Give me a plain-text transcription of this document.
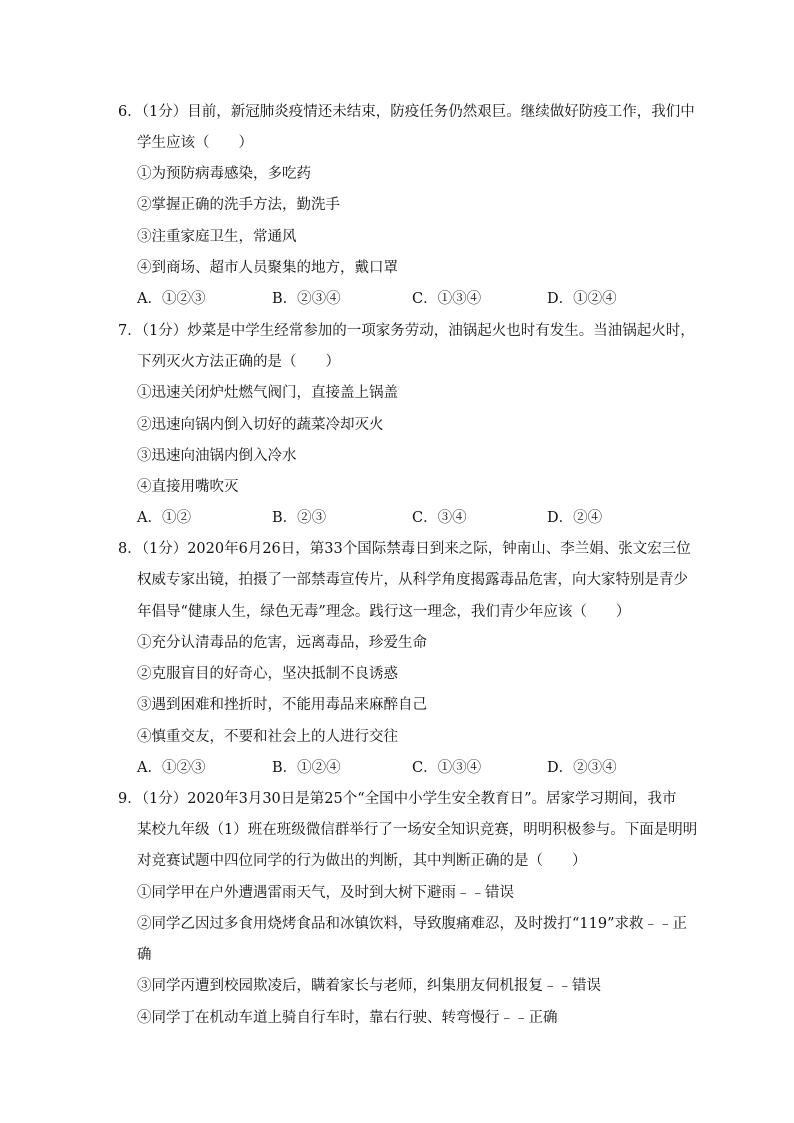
6．（1分）目前，新冠肺炎疫情还未结束，防疫任务仍然艰巨。继续做好防疫工作，我们中
学生应该（　　）
①为预防病毒感染，多吃药
②掌握正确的洗手方法，勤洗手
③注重家庭卫生，常通风
④到商场、超市人员聚集的地方，戴口罩
A．①②③	B．②③④	C．①③④	D．①②④
7．（1分）炒菜是中学生经常参加的一项家务劳动，油锅起火也时有发生。当油锅起火时，
下列灭火方法正确的是（　　）
①迅速关闭炉灶燃气阀门，直接盖上锅盖
②迅速向锅内倒入切好的蔬菜冷却灭火
③迅速向油锅内倒入冷水
④直接用嘴吹灭
A．①②	B．②③	C．③④	D．②④
8．（1分）2020年6月26日，第33个国际禁毒日到来之际，钟南山、李兰娟、张文宏三位
权威专家出镜，拍摄了一部禁毒宣传片，从科学角度揭露毒品危害，向大家特别是青少
年倡导“健康人生，绿色无毒”理念。践行这一理念，我们青少年应该（　　）
①充分认清毒品的危害，远离毒品，珍爱生命
②克服盲目的好奇心，坚决抵制不良诱惑
③遇到困难和挫折时，不能用毒品来麻醉自己
④慎重交友，不要和社会上的人进行交往
A．①②③	B．①②④	C．①③④	D．②③④
9．（1分）2020年3月30日是第25个“全国中小学生安全教育日”。居家学习期间，我市
某校九年级（1）班在班级微信群举行了一场安全知识竞赛，明明积极参与。下面是明明
对竞赛试题中四位同学的行为做出的判断，其中判断正确的是（　　）
①同学甲在户外遭遇雷雨天气，及时到大树下避雨﹣﹣错误
②同学乙因过多食用烧烤食品和冰镇饮料，导致腹痛难忍，及时拨打“119”求救﹣﹣正
确
③同学丙遭到校园欺凌后，瞒着家长与老师，纠集朋友伺机报复﹣﹣错误
④同学丁在机动车道上骑自行车时，靠右行驶、转弯慢行﹣﹣正确
